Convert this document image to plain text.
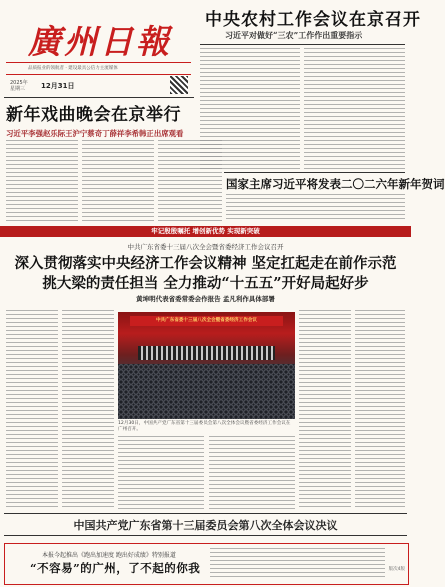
廣州日報
品质报业的领航者 · 建设最具公信力主流媒体
2025年
星期三	12月31日
中央农村工作会议在京召开
习近平对做好“三农”工作作出重要指示
新年戏曲晚会在京举行
习近平李强赵乐际王沪宁蔡奇丁薛祥李希韩正出席观看
国家主席习近平将发表二〇二六年新年贺词
牢记殷殷嘱托 增创新优势 实现新突破
中共广东省委十三届八次全会暨省委经济工作会议召开
深入贯彻落实中央经济工作会议精神 坚定扛起走在前作示范
挑大梁的责任担当 全力推动“十五五”开好局起好步
黄坤明代表省委常委会作报告 孟凡利作具体部署
中共广东省委十三届八次全会暨省委经济工作会议
12月30日，中国共产党广东省第十三届委员会第八次全体会议暨省委经济工作会议在广州召开。
中国共产党广东省第十三届委员会第八次全体会议决议
本报今起推出《跑出加速度 跑出好成绩》特别报道
“不容易”的广州，了不起的你我	版次4版
